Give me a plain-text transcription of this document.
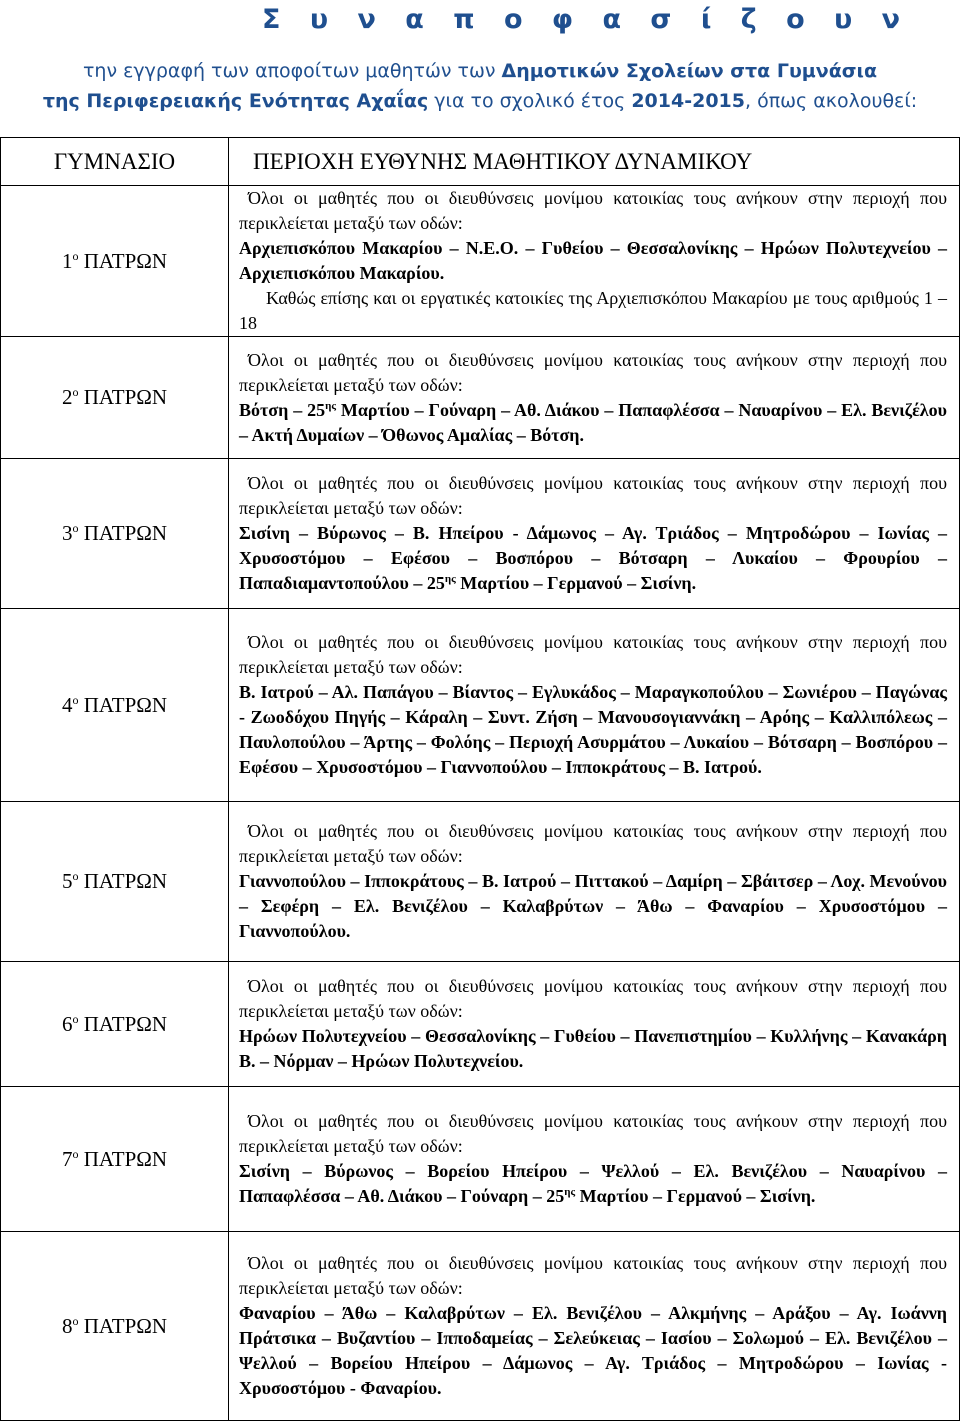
Σ υ ν α π ο φ α σ ί ζ ο υ ν
την εγγραφή των αποφοίτων μαθητών των Δημοτικών Σχολείων στα Γυμνάσια
της Περιφερειακής Ενότητας Αχαΐας για το σχολικό έτος 2014-2015, όπως ακολουθεί:
ΓΥΜΝΑΣΙΟ	ΠΕΡΙΟΧΗ ΕΥΘΥΝΗΣ ΜΑΘΗΤΙΚΟΥ ΔΥΝΑΜΙΚΟΥ
$1^o$ ΠΑΤΡΩΝ	Όλοι οι μαθητές που οι διευθύνσεις μονίμου κατοικίας τους ανήκουν στην περιοχή που περικλείεται μεταξύ των οδών:
Αρχιεπισκόπου Μακαρίου – Ν.Ε.Ο. – Γυθείου – Θεσσαλονίκης – Ηρώων Πολυτεχνείου – Αρχιεπισκόπου Μακαρίου.
Καθώς επίσης και οι εργατικές κατοικίες της Αρχιεπισκόπου Μακαρίου με τους αριθμούς 1 – 18

$2^o$ ΠΑΤΡΩΝ	Όλοι οι μαθητές που οι διευθύνσεις μονίμου κατοικίας τους ανήκουν στην περιοχή που περικλείεται μεταξύ των οδών:
Βότση – $25^{\eta\varsigma}$ Μαρτίου – Γούναρη – Αθ. Διάκου – Παπαφλέσσα – Ναυαρίνου – Ελ. Βενιζέλου – Ακτή Δυμαίων – Όθωνος Αμαλίας – Βότση.

$3^o$ ΠΑΤΡΩΝ	Όλοι οι μαθητές που οι διευθύνσεις μονίμου κατοικίας τους ανήκουν στην περιοχή που περικλείεται μεταξύ των οδών:
Σισίνη – Βύρωνος – Β. Ηπείρου - Δάμωνος – Αγ. Τριάδος – Μητροδώρου – Ιωνίας – Χρυσοστόμου – Εφέσου – Βοσπόρου – Βότσαρη – Λυκαίου – Φρουρίου – Παπαδιαμαντοπούλου – $25^{\eta\varsigma}$ Μαρτίου – Γερμανού – Σισίνη.

$4^o$ ΠΑΤΡΩΝ	Όλοι οι μαθητές που οι διευθύνσεις μονίμου κατοικίας τους ανήκουν στην περιοχή που περικλείεται μεταξύ των οδών:
Β. Ιατρού – Αλ. Παπάγου – Βίαντος – Εγλυκάδος – Μαραγκοπούλου – Σωνιέρου – Παγώνας - Ζωοδόχου Πηγής – Κάραλη – Συντ. Ζήση – Μανουσογιαννάκη – Αρόης – Καλλιπόλεως – Παυλοπούλου – Άρτης – Φολόης – Περιοχή Ασυρμάτου – Λυκαίου – Βότσαρη – Βοσπόρου – Εφέσου – Χρυσοστόμου – Γιαννοπούλου – Ιπποκράτους – Β. Ιατρού.

$5^o$ ΠΑΤΡΩΝ	Όλοι οι μαθητές που οι διευθύνσεις μονίμου κατοικίας τους ανήκουν στην περιοχή που περικλείεται μεταξύ των οδών:
Γιαννοπούλου – Ιπποκράτους – Β. Ιατρού – Πιττακού – Δαμίρη – Σβάιτσερ – Λοχ. Μενούνου – Σεφέρη – Ελ. Βενιζέλου – Καλαβρύτων – Άθω – Φαναρίου – Χρυσοστόμου – Γιαννοπούλου.

$6^o$ ΠΑΤΡΩΝ	Όλοι οι μαθητές που οι διευθύνσεις μονίμου κατοικίας τους ανήκουν στην περιοχή που περικλείεται μεταξύ των οδών:
Ηρώων Πολυτεχνείου – Θεσσαλονίκης – Γυθείου – Πανεπιστημίου – Κυλλήνης – Κανακάρη Β. – Νόρμαν – Ηρώων Πολυτεχνείου.

$7^o$ ΠΑΤΡΩΝ	Όλοι οι μαθητές που οι διευθύνσεις μονίμου κατοικίας τους ανήκουν στην περιοχή που περικλείεται μεταξύ των οδών:
Σισίνη – Βύρωνος – Βορείου Ηπείρου – Ψελλού – Ελ. Βενιζέλου – Ναυαρίνου – Παπαφλέσσα – Αθ. Διάκου – Γούναρη – $25^{\eta\varsigma}$ Μαρτίου – Γερμανού – Σισίνη.

$8^o$ ΠΑΤΡΩΝ	Όλοι οι μαθητές που οι διευθύνσεις μονίμου κατοικίας τους ανήκουν στην περιοχή που περικλείεται μεταξύ των οδών:
Φαναρίου – Άθω – Καλαβρύτων – Ελ. Βενιζέλου – Αλκμήνης – Αράξου – Αγ. Ιωάννη Πράτσικα – Βυζαντίου – Ιπποδαμείας – Σελεύκειας – Ιασίου – Σολωμού – Ελ. Βενιζέλου – Ψελλού – Βορείου Ηπείρου – Δάμωνος – Αγ. Τριάδος – Μητροδώρου – Ιωνίας - Χρυσοστόμου - Φαναρίου.
